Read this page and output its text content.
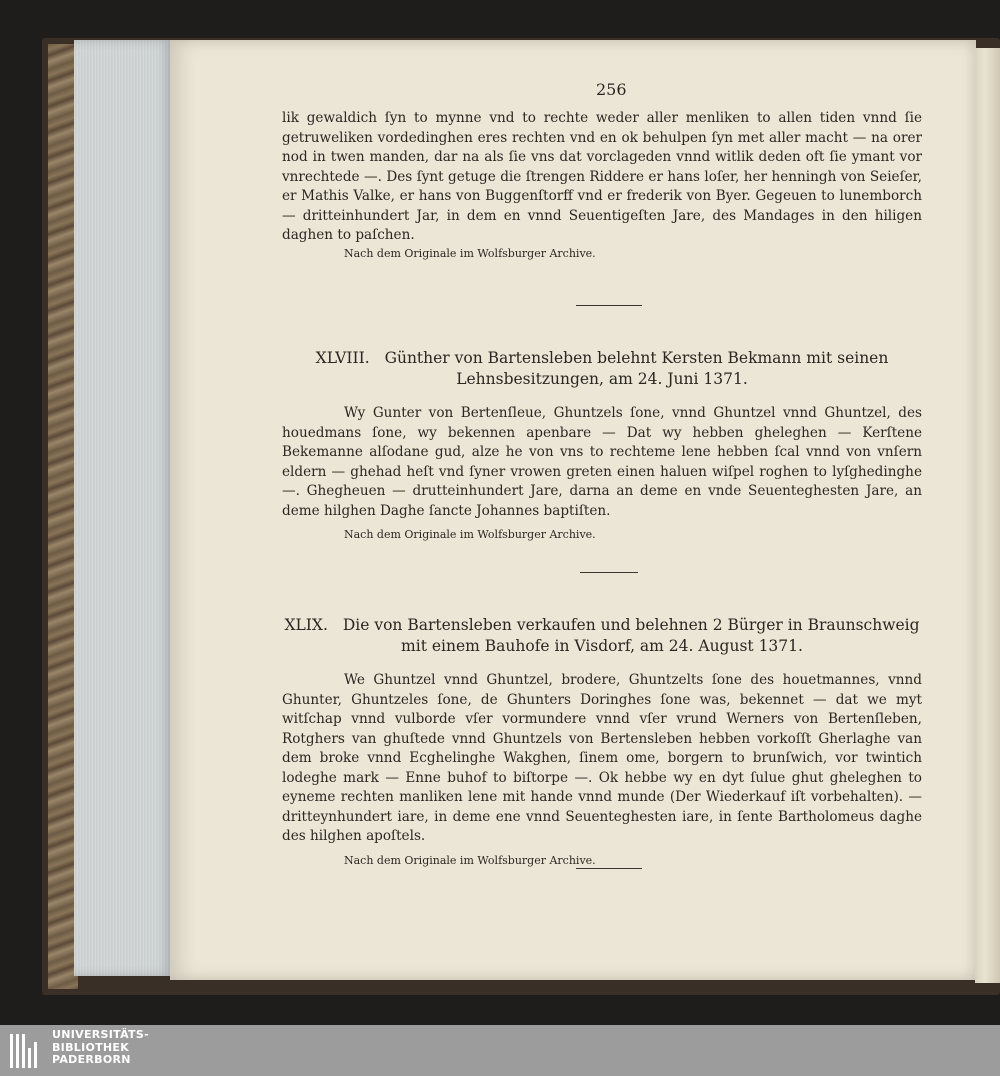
256

lik gewaldich ſyn to mynne vnd to rechte weder aller menliken to allen tiden vnnd ſie getruweliken vordedinghen eres rechten vnd en ok behulpen ſyn met aller macht — na orer nod in twen manden, dar na als ſie vns dat vorclageden vnnd witlik deden oft ſie ymant vor vnrechtede —. Des ſynt getuge die ſtrengen Riddere er hans loſer, her henningh von Seieſer, er Mathis Valke, er hans von Buggenſtorff vnd er frederik von Byer. Gegeuen to lunemborch — dritteinhundert Jar, in dem en vnnd Seuentigeſten Jare, des Mandages in den hiligen daghen to paſchen.

Nach dem Originale im Wolfsburger Archive.
XLVIII. Günther von Bartensleben belehnt Kersten Bekmann mit seinen Lehnsbesitzungen, am 24. Juni 1371.

Wy Gunter von Bertenſleue, Ghuntzels ſone, vnnd Ghuntzel vnnd Ghuntzel, des houedmans ſone, wy bekennen apenbare — Dat wy hebben gheleghen — Kerſtene Bekemanne alſodane gud, alze he von vns to rechteme lene hebben ſcal vnnd von vnſern eldern — ghehad heſt vnd ſyner vrowen greten einen haluen wiſpel roghen to lyſghedinghe —. Ghegheuen — drutteinhundert Jare, darna an deme en vnde Seuenteghesten Jare, an deme hilghen Daghe ſancte Johannes baptiſten.

Nach dem Originale im Wolfsburger Archive.
XLIX. Die von Bartensleben verkaufen und belehnen 2 Bürger in Braunschweig mit einem Bauhofe in Visdorf, am 24. August 1371.

We Ghuntzel vnnd Ghuntzel, brodere, Ghuntzelts ſone des houetmannes, vnnd Ghunter, Ghuntzeles ſone, de Ghunters Doringhes ſone was, bekennet — dat we myt witſchap vnnd vulborde vſer vormundere vnnd vſer vrund Werners von Bertenſleben, Rotghers van ghuſtede vnnd Ghuntzels von Bertensleben hebben vorkoſſt Gherlaghe van dem broke vnnd Ecghelinghe Wakghen, ſinem ome, borgern to brunſwich, vor twintich lodeghe mark — Enne buhof to biſtorpe —. Ok hebbe wy en dyt ſulue ghut gheleghen to eyneme rechten manliken lene mit hande vnnd munde (Der Wiederkauf iſt vorbehalten). — dritteynhundert iare, in deme ene vnnd Seuenteghesten iare, in ſente Bartholomeus daghe des hilghen apoſtels.

Nach dem Originale im Wolfsburger Archive.
UNIVERSITÄTS-
BIBLIOTHEK
PADERBORN
